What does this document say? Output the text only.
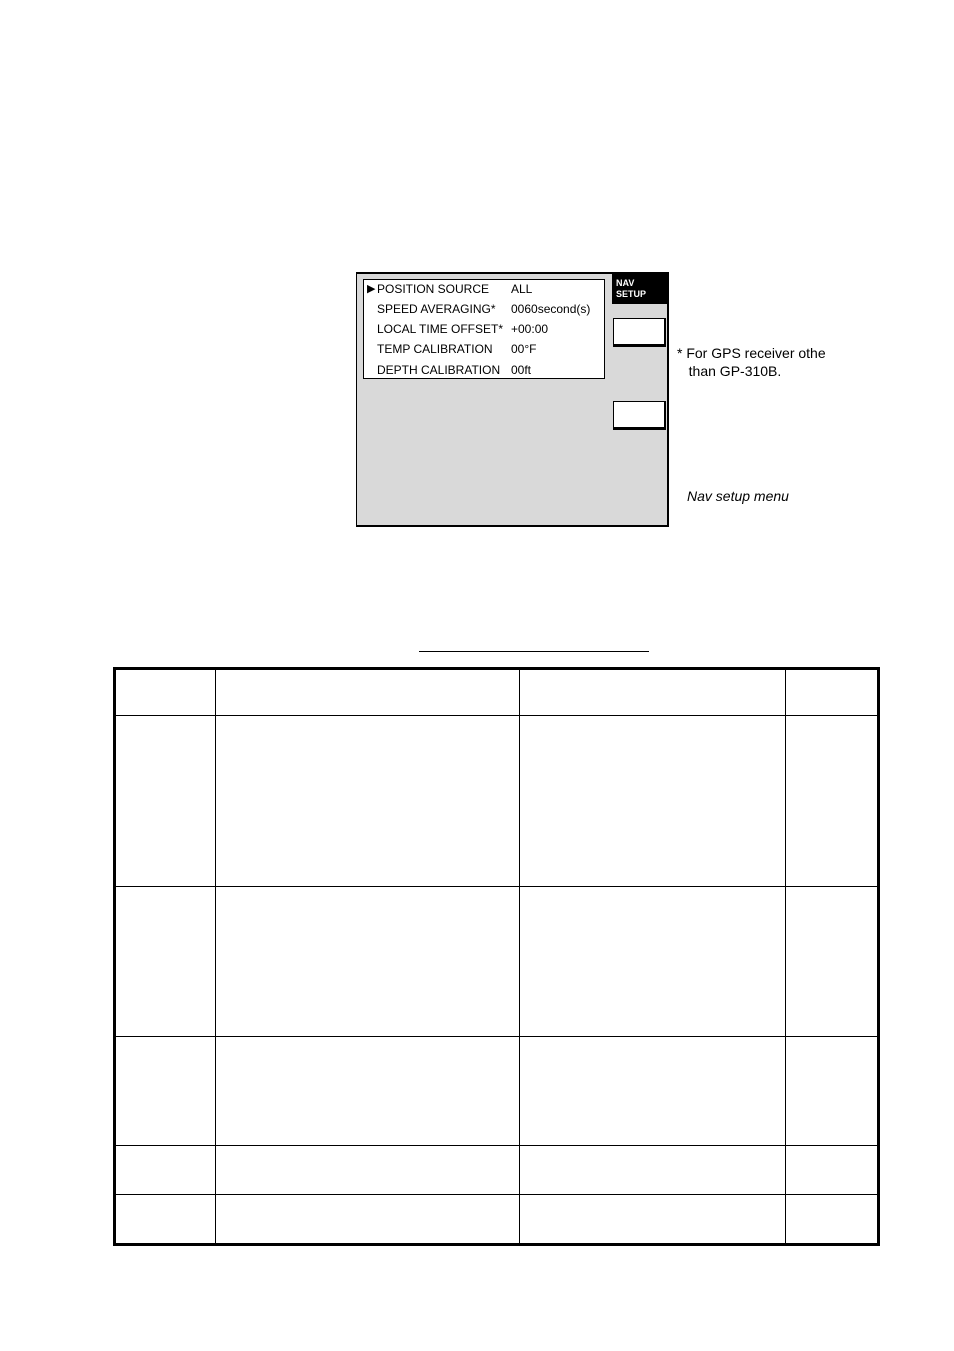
▶ POSITION SOURCE ALL
SPEED AVERAGING* 0060second(s)
LOCAL TIME OFFSET* +00:00
TEMP CALIBRATION 00°F
DEPTH CALIBRATION 00ft
NAV
SETUP
* For GPS receiver othe
than GP-310B.
Nav setup menu
